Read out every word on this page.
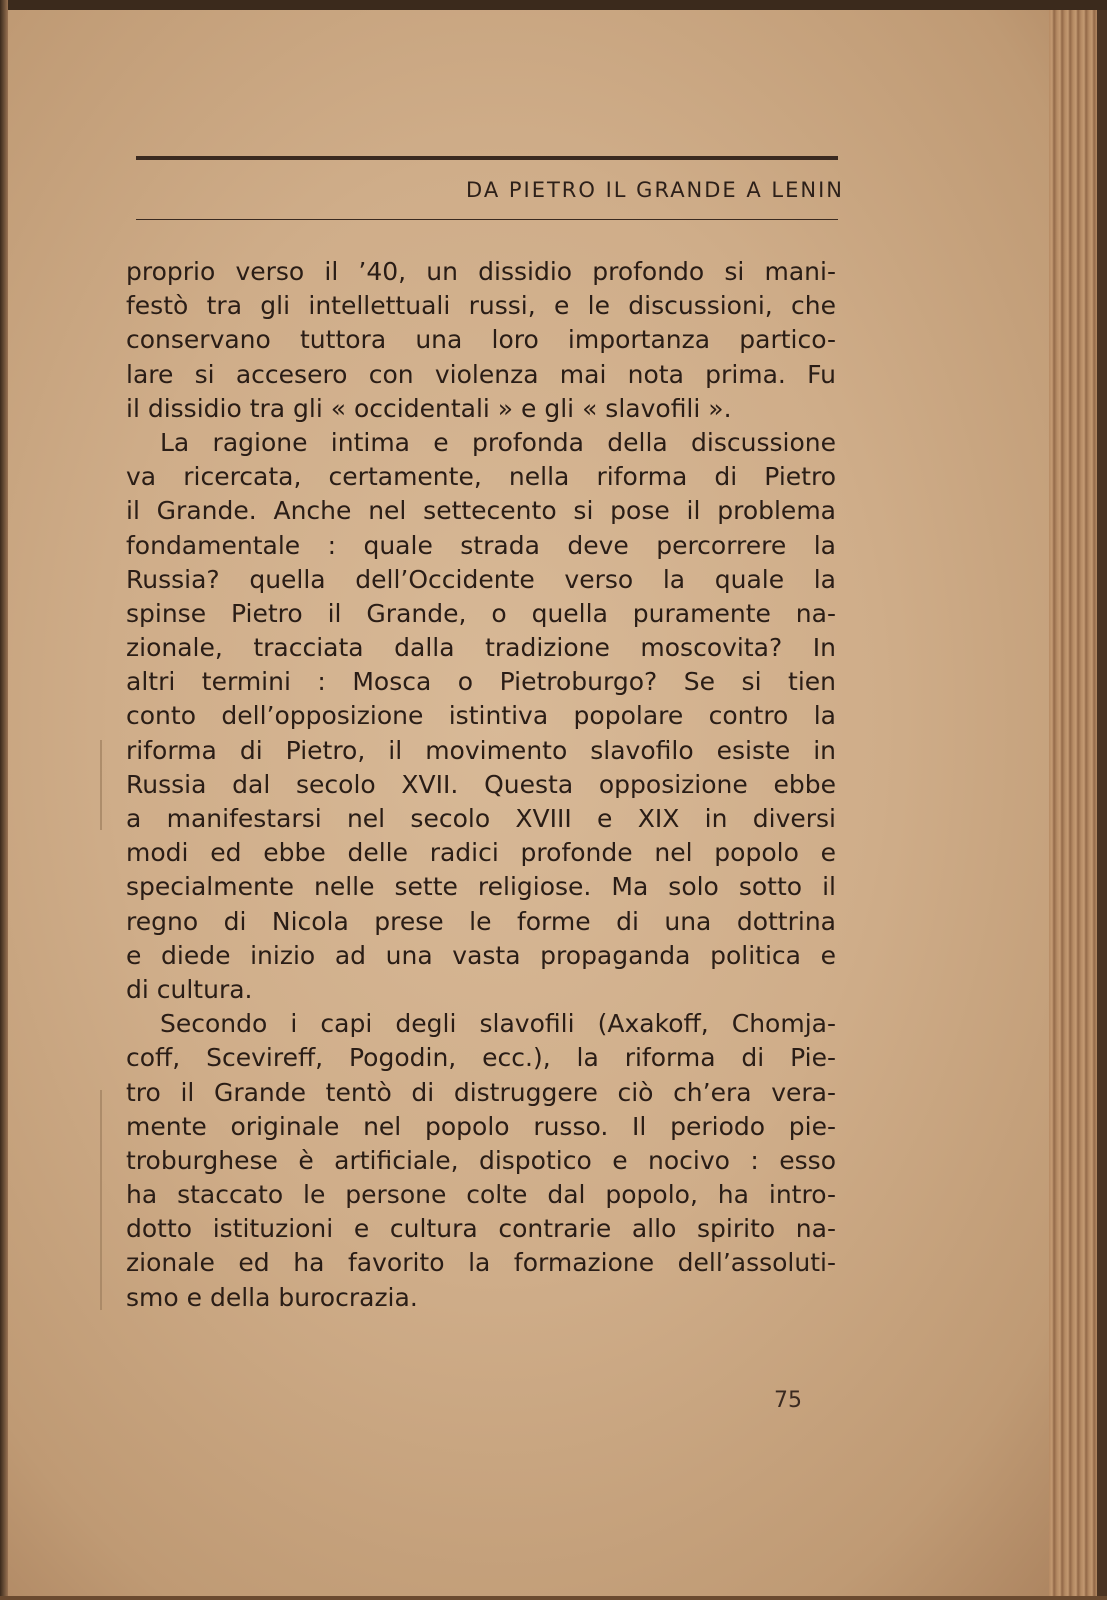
DA PIETRO IL GRANDE A LENIN
proprio verso il ’40, un dissidio profondo si mani-
festò tra gli intellettuali russi, e le discussioni, che
conservano tuttora una loro importanza partico-
lare si accesero con violenza mai nota prima. Fu
il dissidio tra gli « occidentali » e gli « slavofili ».
La ragione intima e profonda della discussione
va ricercata, certamente, nella riforma di Pietro
il Grande. Anche nel settecento si pose il problema
fondamentale : quale strada deve percorrere la
Russia? quella dell’Occidente verso la quale la
spinse Pietro il Grande, o quella puramente na-
zionale, tracciata dalla tradizione moscovita? In
altri termini : Mosca o Pietroburgo? Se si tien
conto dell’opposizione istintiva popolare contro la
riforma di Pietro, il movimento slavofilo esiste in
Russia dal secolo XVII. Questa opposizione ebbe
a manifestarsi nel secolo XVIII e XIX in diversi
modi ed ebbe delle radici profonde nel popolo e
specialmente nelle sette religiose. Ma solo sotto il
regno di Nicola prese le forme di una dottrina
e diede inizio ad una vasta propaganda politica e
di cultura.
Secondo i capi degli slavofili (Axakoff, Chomja-
coff, Scevireff, Pogodin, ecc.), la riforma di Pie-
tro il Grande tentò di distruggere ciò ch’era vera-
mente originale nel popolo russo. Il periodo pie-
troburghese è artificiale, dispotico e nocivo : esso
ha staccato le persone colte dal popolo, ha intro-
dotto istituzioni e cultura contrarie allo spirito na-
zionale ed ha favorito la formazione dell’assoluti-
smo e della burocrazia.
75
